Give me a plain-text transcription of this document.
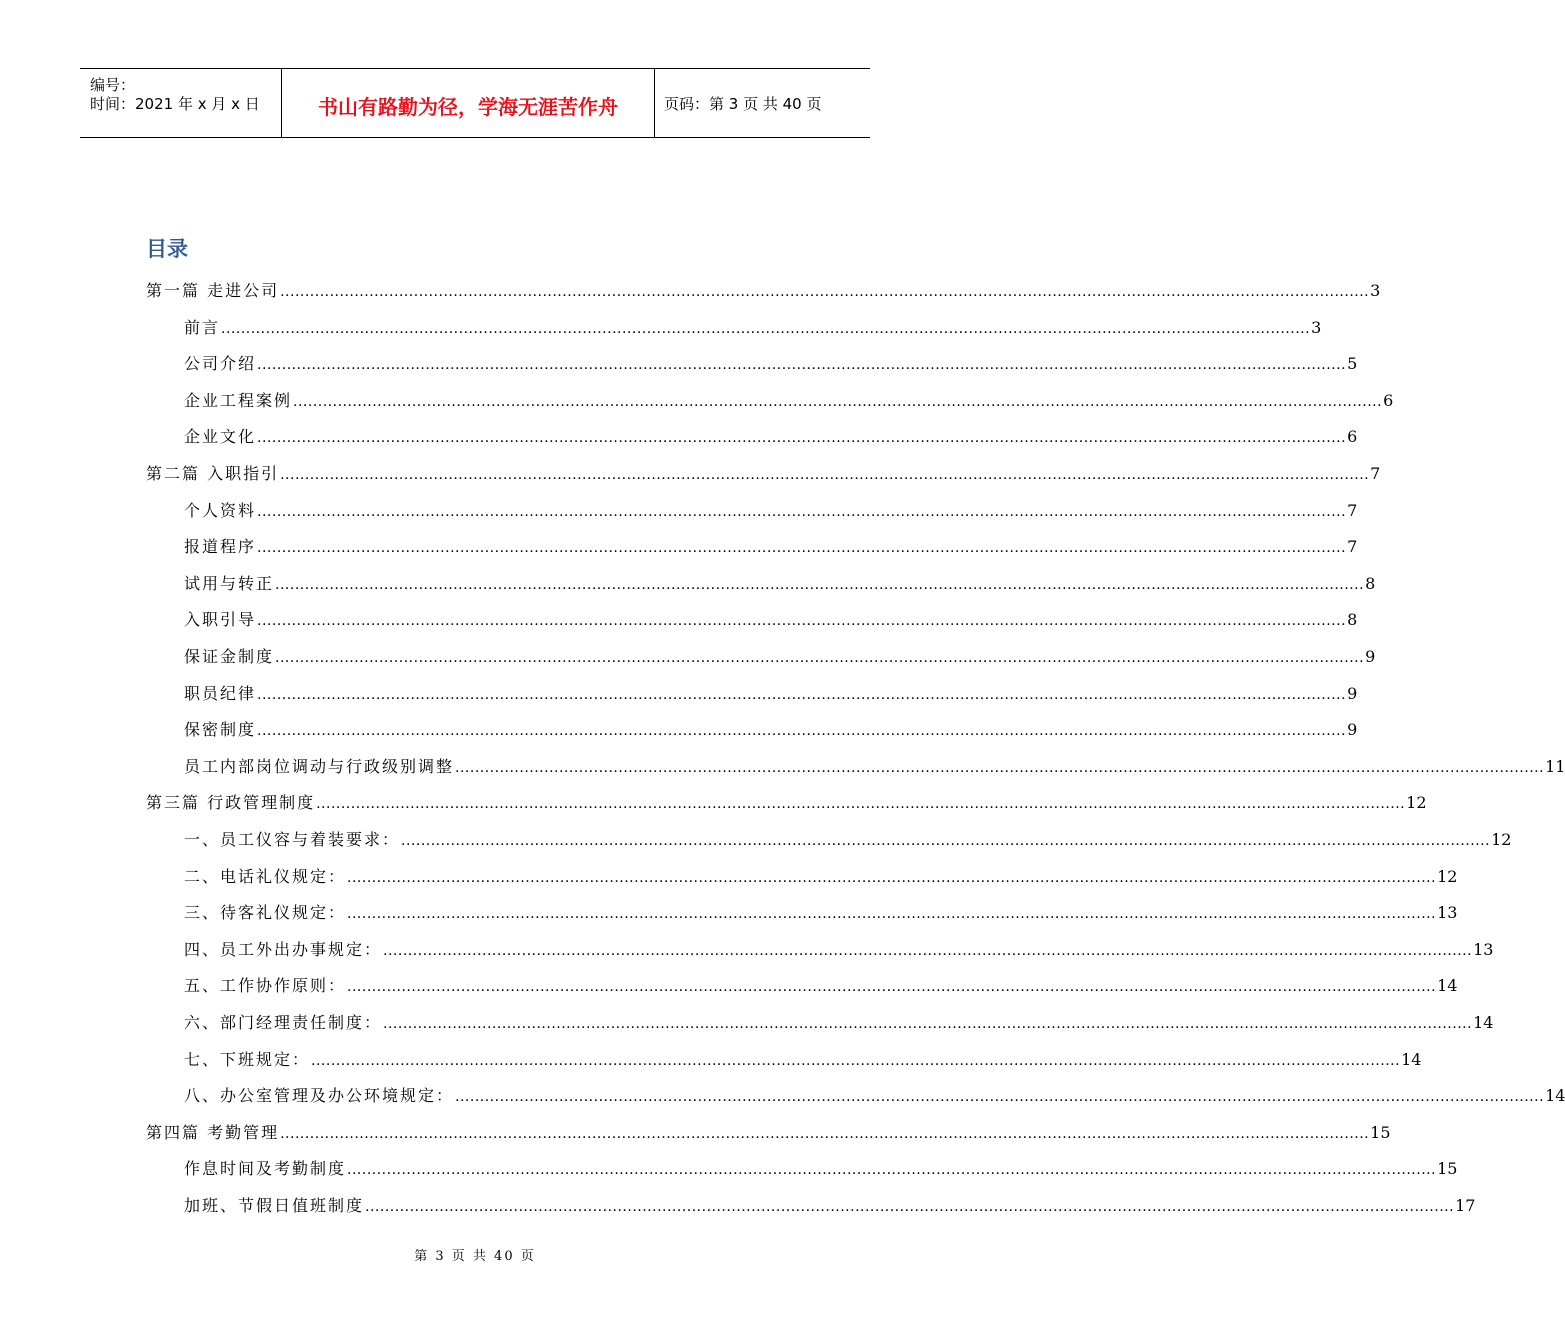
编号：
时间：2021 年 x 月 x 日	书山有路勤为径，学海无涯苦作舟	页码：第 3 页 共 40 页
目录
第一篇 走进公司 ............................................................................................................................................................................................................................ 3
前言 ............................................................................................................................................................................................................................ 3
公司介绍 ............................................................................................................................................................................................................................ 5
企业工程案例 ............................................................................................................................................................................................................................ 6
企业文化 ............................................................................................................................................................................................................................ 6
第二篇 入职指引 ............................................................................................................................................................................................................................ 7
个人资料 ............................................................................................................................................................................................................................ 7
报道程序 ............................................................................................................................................................................................................................ 7
试用与转正 ............................................................................................................................................................................................................................ 8
入职引导 ............................................................................................................................................................................................................................ 8
保证金制度 ............................................................................................................................................................................................................................ 9
职员纪律 ............................................................................................................................................................................................................................ 9
保密制度 ............................................................................................................................................................................................................................ 9
员工内部岗位调动与行政级别调整 ............................................................................................................................................................................................................................ 11
第三篇 行政管理制度 ............................................................................................................................................................................................................................ 12
一、员工仪容与着装要求： ............................................................................................................................................................................................................................ 12
二、电话礼仪规定： ............................................................................................................................................................................................................................ 12
三、待客礼仪规定： ............................................................................................................................................................................................................................ 13
四、员工外出办事规定： ............................................................................................................................................................................................................................ 13
五、工作协作原则： ............................................................................................................................................................................................................................ 14
六、部门经理责任制度： ............................................................................................................................................................................................................................ 14
七、下班规定： ............................................................................................................................................................................................................................ 14
八、办公室管理及办公环境规定： ............................................................................................................................................................................................................................ 14
第四篇 考勤管理 ............................................................................................................................................................................................................................ 15
作息时间及考勤制度 ............................................................................................................................................................................................................................ 15
加班、节假日值班制度 ............................................................................................................................................................................................................................ 17
第 3 页 共 40 页
